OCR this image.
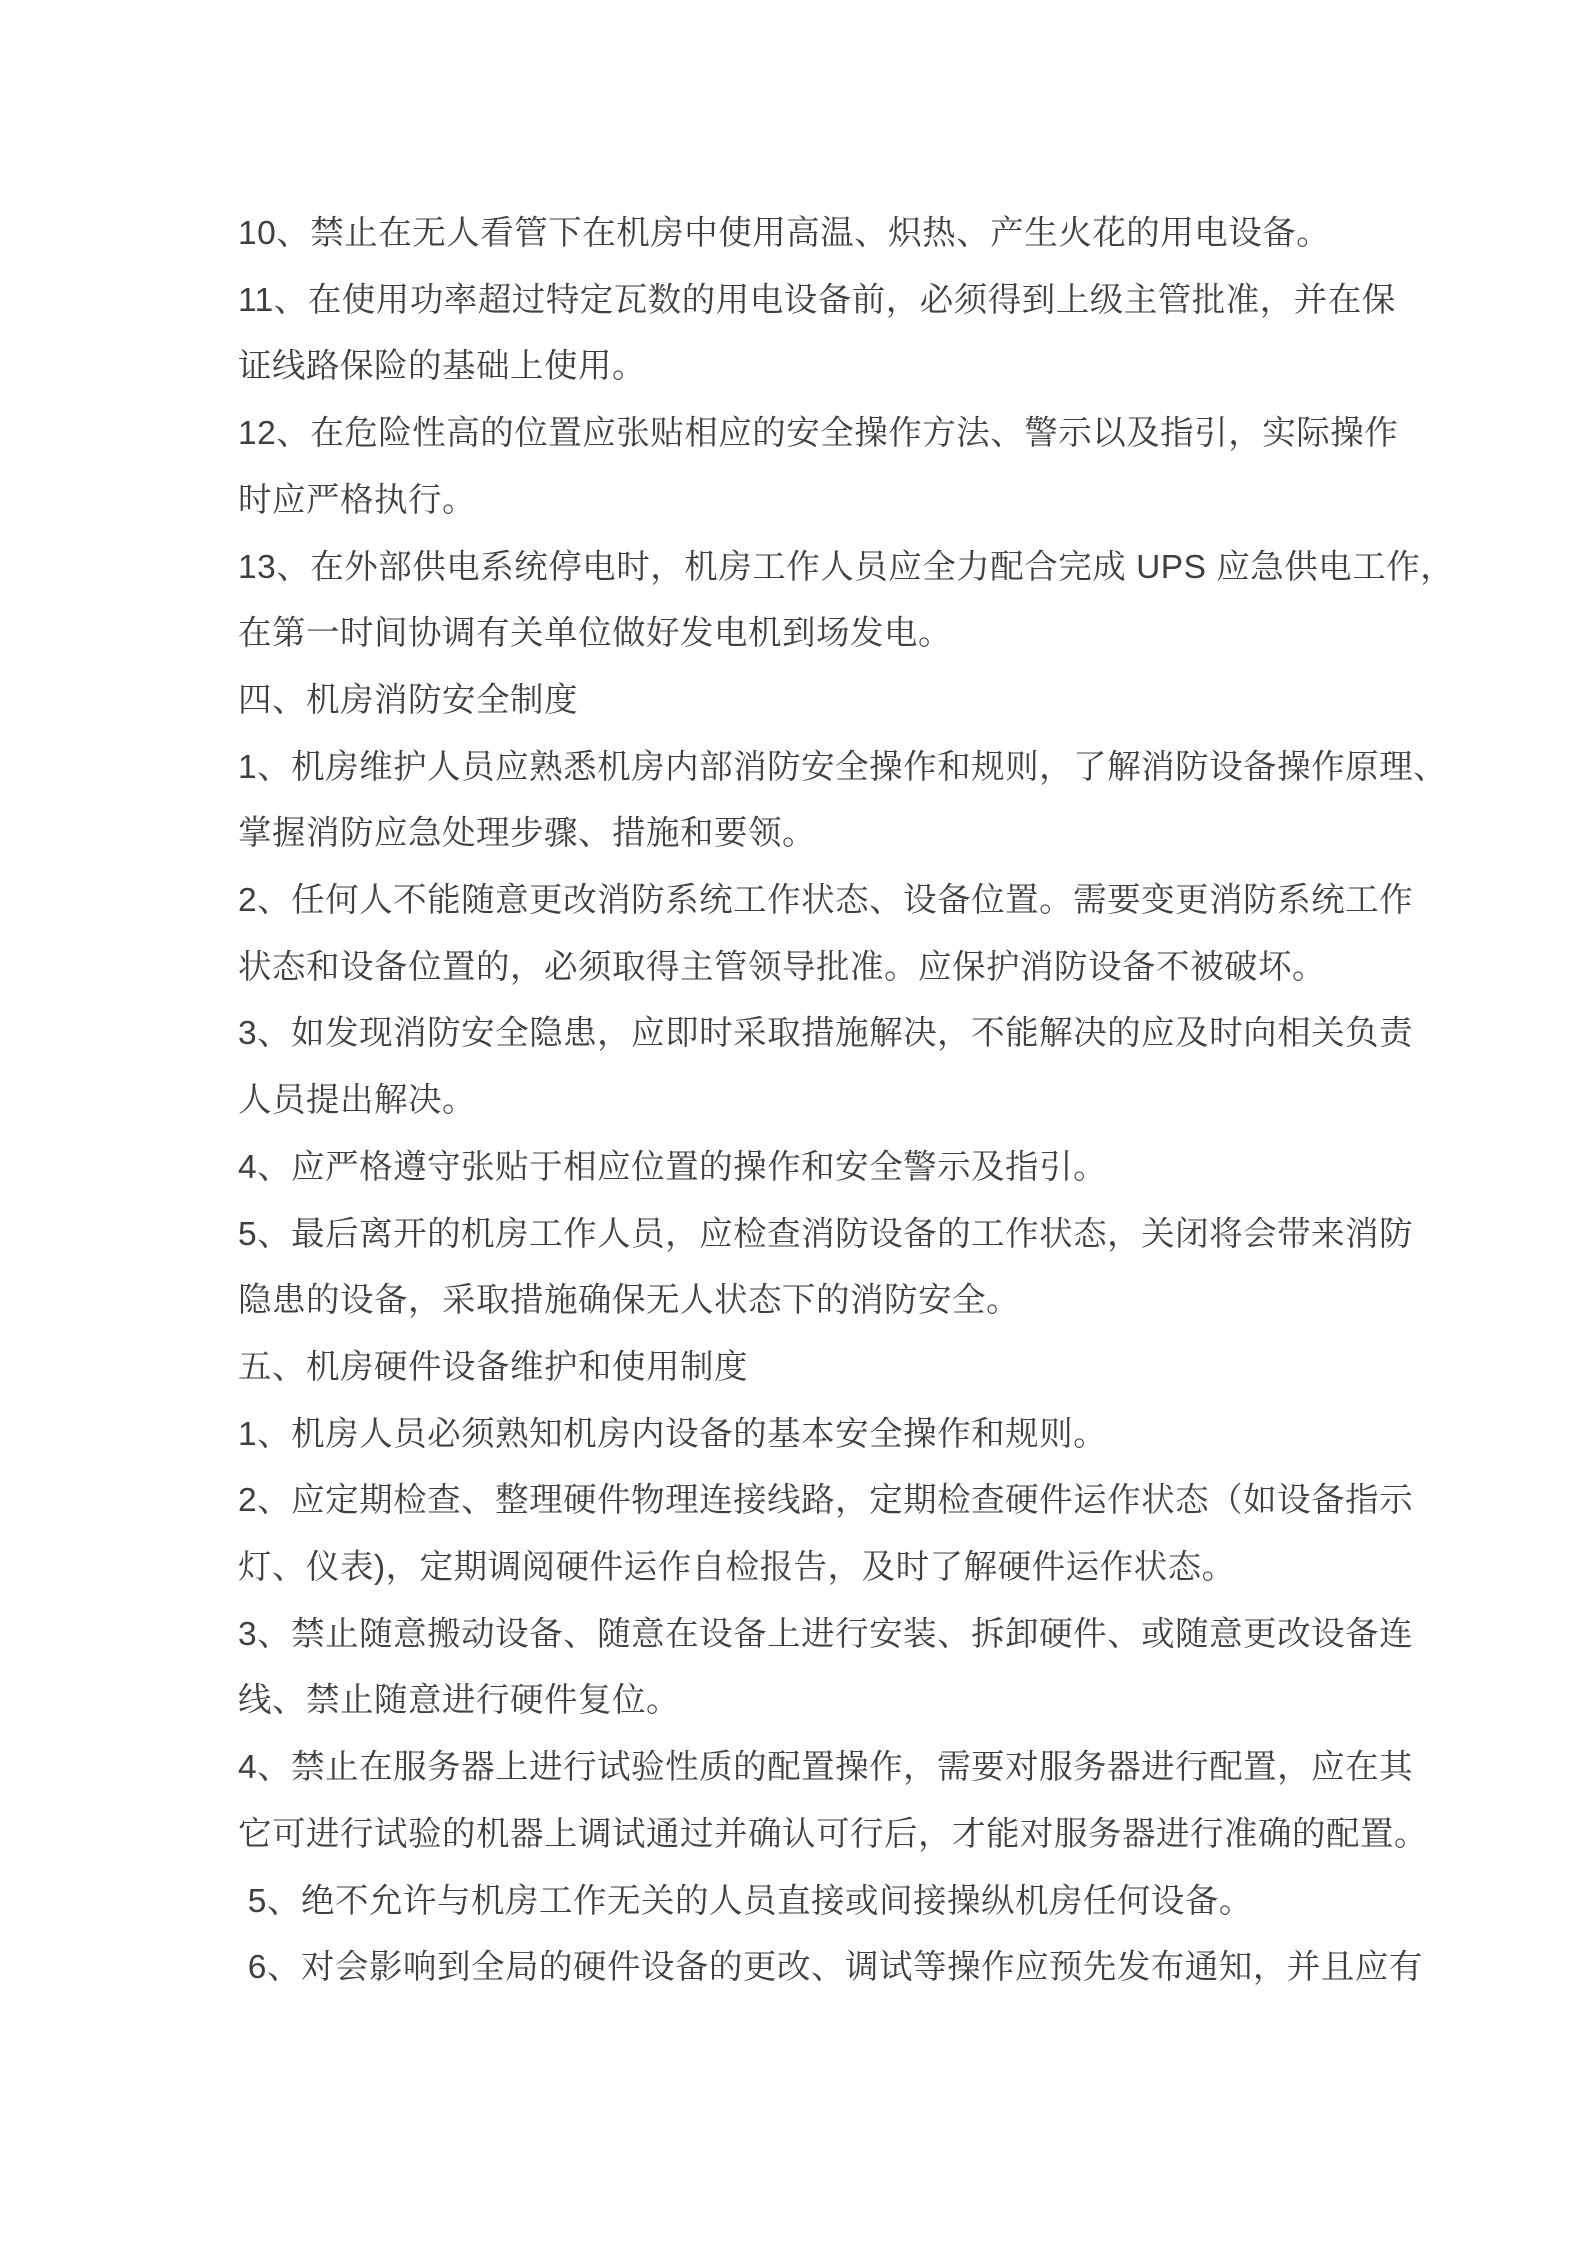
10、禁止在无人看管下在机房中使用高温、炽热、产生火花的用电设备。
11、在使用功率超过特定瓦数的用电设备前，必须得到上级主管批准，并在保
证线路保险的基础上使用。
12、在危险性高的位置应张贴相应的安全操作方法、警示以及指引，实际操作
时应严格执行。
13、在外部供电系统停电时，机房工作人员应全力配合完成 UPS 应急供电工作，
在第一时间协调有关单位做好发电机到场发电。
四、机房消防安全制度
1、机房维护人员应熟悉机房内部消防安全操作和规则，了解消防设备操作原理、
掌握消防应急处理步骤、措施和要领。
2、任何人不能随意更改消防系统工作状态、设备位置。需要变更消防系统工作
状态和设备位置的，必须取得主管领导批准。应保护消防设备不被破坏。
3、如发现消防安全隐患，应即时采取措施解决，不能解决的应及时向相关负责
人员提出解决。
4、应严格遵守张贴于相应位置的操作和安全警示及指引。
5、最后离开的机房工作人员，应检查消防设备的工作状态，关闭将会带来消防
隐患的设备，采取措施确保无人状态下的消防安全。
五、机房硬件设备维护和使用制度
1、机房人员必须熟知机房内设备的基本安全操作和规则。
2、应定期检查、整理硬件物理连接线路，定期检查硬件运作状态（如设备指示
灯、仪表)，定期调阅硬件运作自检报告，及时了解硬件运作状态。
3、禁止随意搬动设备、随意在设备上进行安装、拆卸硬件、或随意更改设备连
线、禁止随意进行硬件复位。
4、禁止在服务器上进行试验性质的配置操作，需要对服务器进行配置，应在其
它可进行试验的机器上调试通过并确认可行后，才能对服务器进行准确的配置。
5、绝不允许与机房工作无关的人员直接或间接操纵机房任何设备。
6、对会影响到全局的硬件设备的更改、调试等操作应预先发布通知，并且应有
